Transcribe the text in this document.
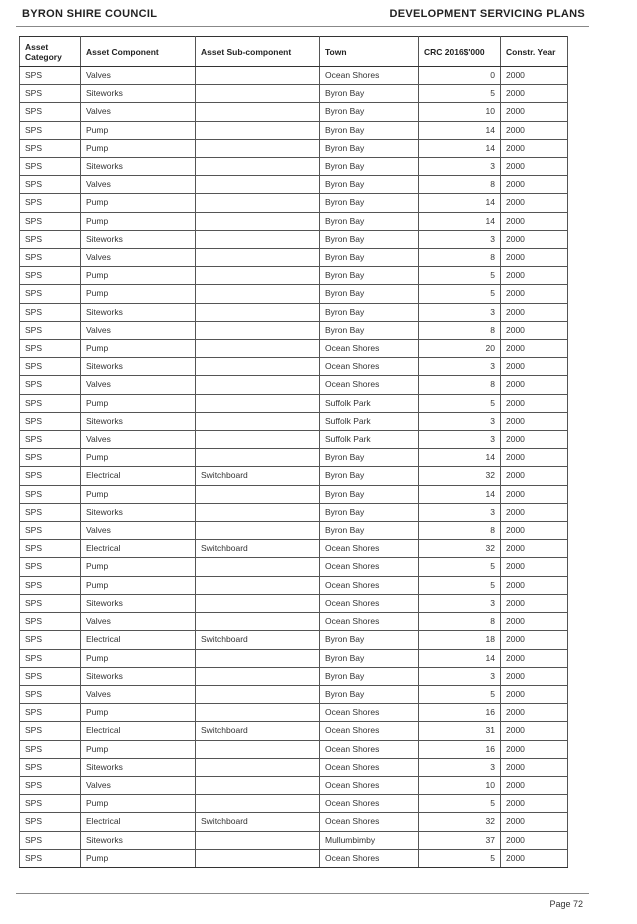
BYRON SHIRE COUNCIL	DEVELOPMENT SERVICING PLANS
Asset Category	Asset Component	Asset Sub-component	Town	CRC 2016$'000	Constr. Year
SPS	Valves		Ocean Shores	0	2000
SPS	Siteworks		Byron Bay	5	2000
SPS	Valves		Byron Bay	10	2000
SPS	Pump		Byron Bay	14	2000
SPS	Pump		Byron Bay	14	2000
SPS	Siteworks		Byron Bay	3	2000
SPS	Valves		Byron Bay	8	2000
SPS	Pump		Byron Bay	14	2000
SPS	Pump		Byron Bay	14	2000
SPS	Siteworks		Byron Bay	3	2000
SPS	Valves		Byron Bay	8	2000
SPS	Pump		Byron Bay	5	2000
SPS	Pump		Byron Bay	5	2000
SPS	Siteworks		Byron Bay	3	2000
SPS	Valves		Byron Bay	8	2000
SPS	Pump		Ocean Shores	20	2000
SPS	Siteworks		Ocean Shores	3	2000
SPS	Valves		Ocean Shores	8	2000
SPS	Pump		Suffolk Park	5	2000
SPS	Siteworks		Suffolk Park	3	2000
SPS	Valves		Suffolk Park	3	2000
SPS	Pump		Byron Bay	14	2000
SPS	Electrical	Switchboard	Byron Bay	32	2000
SPS	Pump		Byron Bay	14	2000
SPS	Siteworks		Byron Bay	3	2000
SPS	Valves		Byron Bay	8	2000
SPS	Electrical	Switchboard	Ocean Shores	32	2000
SPS	Pump		Ocean Shores	5	2000
SPS	Pump		Ocean Shores	5	2000
SPS	Siteworks		Ocean Shores	3	2000
SPS	Valves		Ocean Shores	8	2000
SPS	Electrical	Switchboard	Byron Bay	18	2000
SPS	Pump		Byron Bay	14	2000
SPS	Siteworks		Byron Bay	3	2000
SPS	Valves		Byron Bay	5	2000
SPS	Pump		Ocean Shores	16	2000
SPS	Electrical	Switchboard	Ocean Shores	31	2000
SPS	Pump		Ocean Shores	16	2000
SPS	Siteworks		Ocean Shores	3	2000
SPS	Valves		Ocean Shores	10	2000
SPS	Pump		Ocean Shores	5	2000
SPS	Electrical	Switchboard	Ocean Shores	32	2000
SPS	Siteworks		Mullumbimby	37	2000
SPS	Pump		Ocean Shores	5	2000
Page 72
